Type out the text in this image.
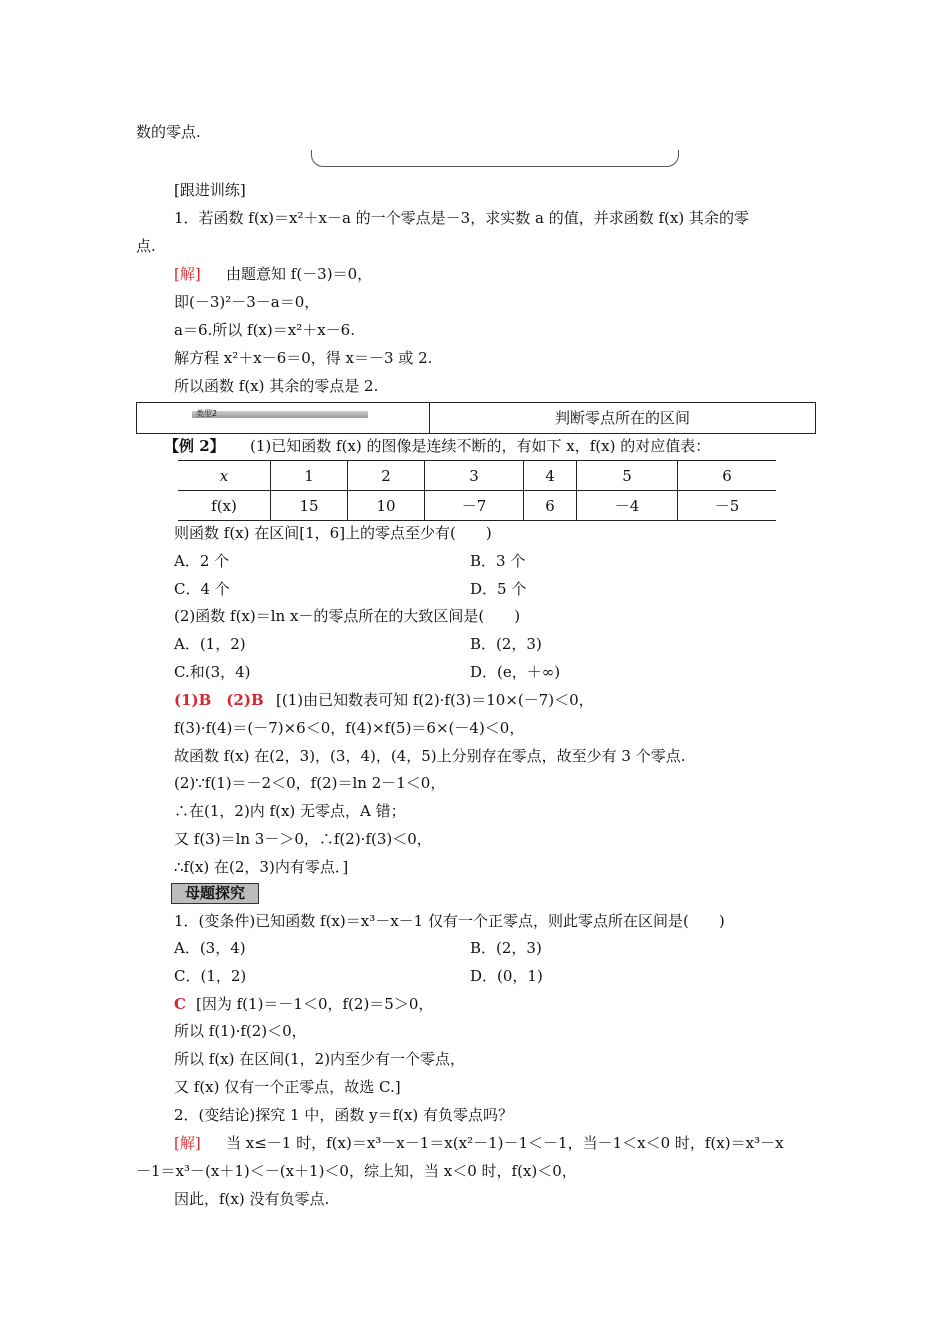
数的零点.
[跟进训练]
1．若函数 f(x)＝x²＋x－a 的一个零点是－3，求实数 a 的值，并求函数 f(x) 其余的零
点.
[解] 由题意知 f(－3)＝0，
即(－3)²－3－a＝0，
a＝6.所以 f(x)＝x²＋x－6.
解方程 x²＋x－6＝0，得 x＝－3 或 2.
所以函数 f(x) 其余的零点是 2.
类型2	判断零点所在的区间
【例 2】 (1)已知函数 f(x) 的图像是连续不断的，有如下 x，f(x) 的对应值表：
x	1	2	3	4	5	6
f(x)	15	10	－7	6	－4	－5
则函数 f(x) 在区间[1，6]上的零点至少有(　　)
A．2 个	B．3 个
C．4 个	D．5 个
(2)函数 f(x)＝ln x－的零点所在的大致区间是(　　)
A．(1，2)	B．(2，3)
C.和(3，4)	D．(e，＋∞)
(1)B　(2)B [(1)由已知数表可知 f(2)·f(3)＝10×(－7)＜0，
f(3)·f(4)＝(－7)×6＜0，f(4)×f(5)＝6×(－4)＜0，
故函数 f(x) 在(2，3)，(3，4)，(4，5)上分别存在零点，故至少有 3 个零点.
(2)∵f(1)＝－2＜0，f(2)＝ln 2－1＜0，
∴在(1，2)内 f(x) 无零点，A 错；
又 f(3)＝ln 3－＞0，∴f(2)·f(3)＜0，
∴f(x) 在(2，3)内有零点．]
母题探究
1．(变条件)已知函数 f(x)＝x³－x－1 仅有一个正零点，则此零点所在区间是(　　)
A．(3，4)	B．(2，3)
C．(1，2)	D．(0，1)
C [因为 f(1)＝－1＜0，f(2)＝5＞0，
所以 f(1)·f(2)＜0，
所以 f(x) 在区间(1，2)内至少有一个零点，
又 f(x) 仅有一个正零点，故选 C.]
2．(变结论)探究 1 中，函数 y＝f(x) 有负零点吗？
[解] 当 x≤－1 时，f(x)＝x³－x－1＝x(x²－1)－1＜－1，当－1＜x＜0 时，f(x)＝x³－x
－1＝x³－(x＋1)＜－(x＋1)＜0，综上知，当 x＜0 时，f(x)＜0，
因此，f(x) 没有负零点.
